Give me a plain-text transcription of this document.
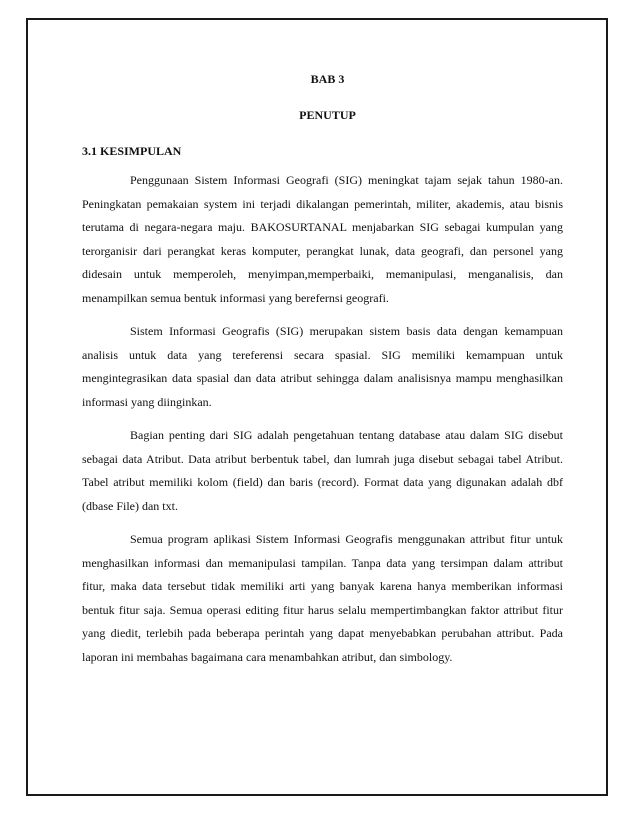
BAB 3

PENUTUP

3.1 KESIMPULAN

Penggunaan Sistem Informasi Geografi (SIG) meningkat tajam sejak tahun 1980-an. Peningkatan pemakaian system ini terjadi dikalangan pemerintah, militer, akademis, atau bisnis terutama di negara-negara maju. BAKOSURTANAL menjabarkan SIG sebagai kumpulan yang terorganisir dari perangkat keras komputer, perangkat lunak, data geografi, dan personel yang didesain untuk memperoleh, menyimpan,memperbaiki, memanipulasi, menganalisis, dan menampilkan semua bentuk informasi yang berefernsi geografi.

Sistem Informasi Geografis (SIG) merupakan sistem basis data dengan kemampuan analisis untuk data yang tereferensi secara spasial. SIG memiliki kemampuan untuk mengintegrasikan data spasial dan data atribut sehingga dalam analisisnya mampu menghasilkan informasi yang diinginkan.

Bagian penting dari SIG adalah pengetahuan tentang database atau dalam SIG disebut sebagai data Atribut. Data atribut berbentuk tabel, dan lumrah juga disebut sebagai tabel Atribut. Tabel atribut memiliki kolom (field) dan baris (record). Format data yang digunakan adalah dbf (dbase File) dan txt.

Semua program aplikasi Sistem Informasi Geografis menggunakan attribut fitur untuk menghasilkan informasi dan memanipulasi tampilan. Tanpa data yang tersimpan dalam attribut fitur, maka data tersebut tidak memiliki arti yang banyak karena hanya memberikan informasi bentuk fitur saja. Semua operasi editing fitur harus selalu mempertimbangkan faktor attribut fitur yang diedit, terlebih pada beberapa perintah yang dapat menyebabkan perubahan attribut. Pada laporan ini membahas bagaimana cara menambahkan atribut, dan simbology.
